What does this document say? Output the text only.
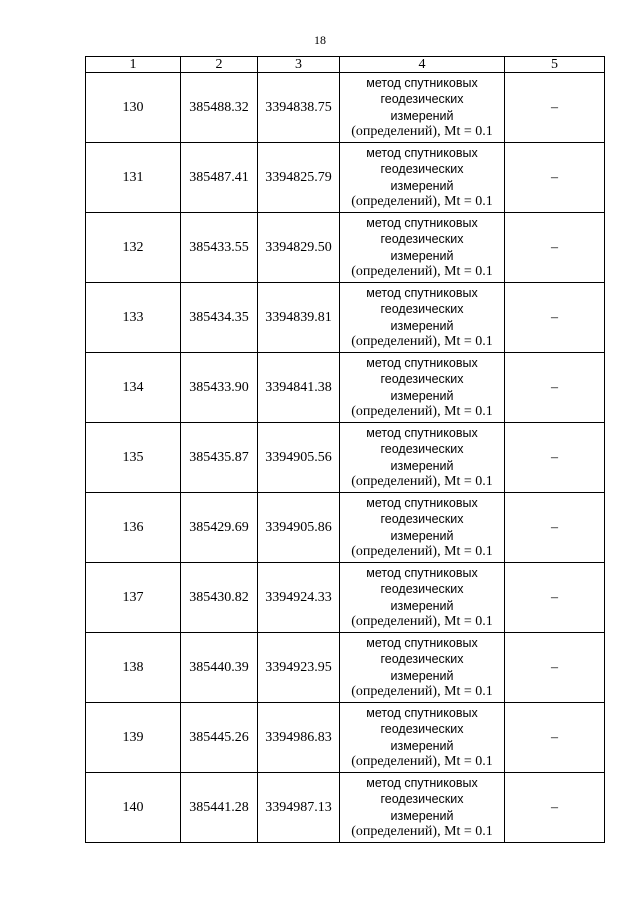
18
1	2	3	4	5
130	385488.32	3394838.75	метод спутниковых
геодезических
измерений
(определений), Mt = 0.1	–
131	385487.41	3394825.79	метод спутниковых
геодезических
измерений
(определений), Mt = 0.1	–
132	385433.55	3394829.50	метод спутниковых
геодезических
измерений
(определений), Mt = 0.1	–
133	385434.35	3394839.81	метод спутниковых
геодезических
измерений
(определений), Mt = 0.1	–
134	385433.90	3394841.38	метод спутниковых
геодезических
измерений
(определений), Mt = 0.1	–
135	385435.87	3394905.56	метод спутниковых
геодезических
измерений
(определений), Mt = 0.1	–
136	385429.69	3394905.86	метод спутниковых
геодезических
измерений
(определений), Mt = 0.1	–
137	385430.82	3394924.33	метод спутниковых
геодезических
измерений
(определений), Mt = 0.1	–
138	385440.39	3394923.95	метод спутниковых
геодезических
измерений
(определений), Mt = 0.1	–
139	385445.26	3394986.83	метод спутниковых
геодезических
измерений
(определений), Mt = 0.1	–
140	385441.28	3394987.13	метод спутниковых
геодезических
измерений
(определений), Mt = 0.1	–
